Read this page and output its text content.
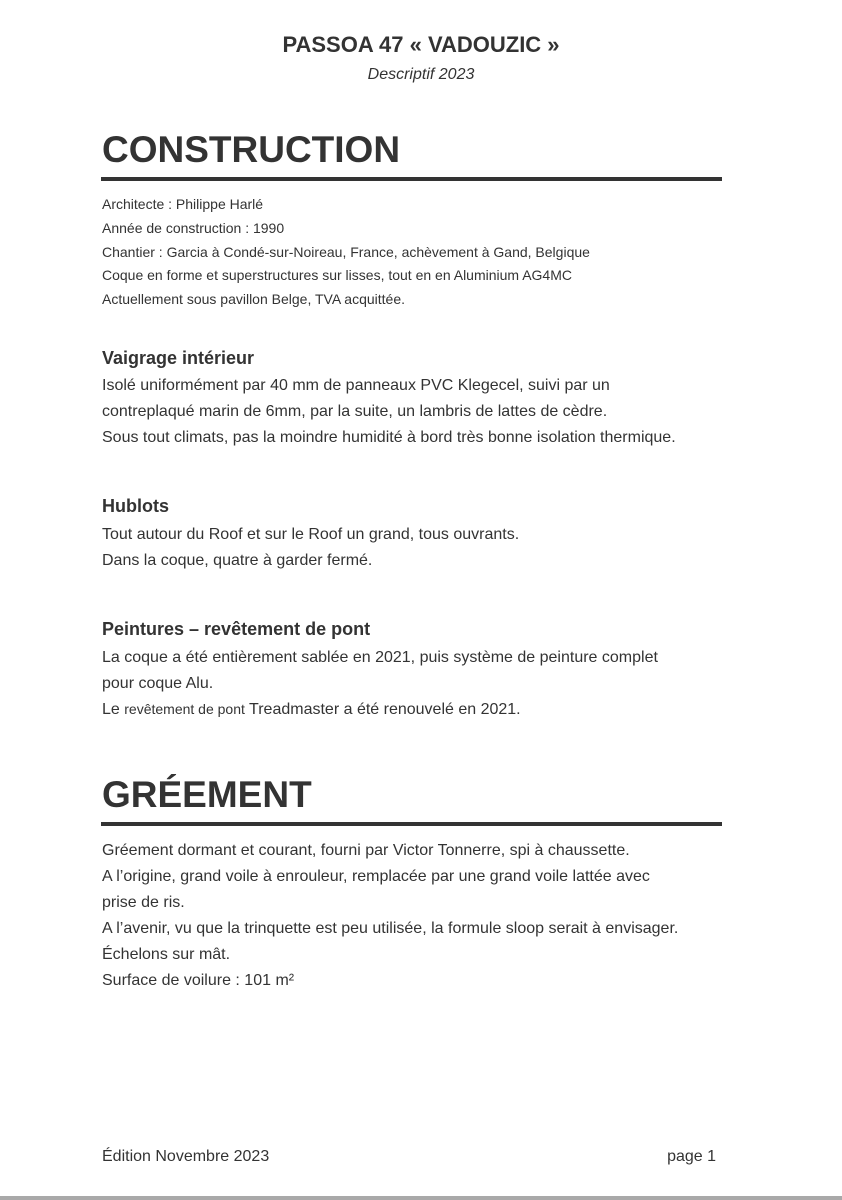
PASSOA 47 « VADOUZIC »
Descriptif 2023
CONSTRUCTION
Architecte : Philippe Harlé
Année de construction : 1990
Chantier : Garcia à Condé-sur-Noireau, France, achèvement à Gand, Belgique
Coque en forme et superstructures sur lisses, tout en en Aluminium AG4MC
Actuellement sous pavillon Belge, TVA acquittée.
Vaigrage intérieur
Isolé uniformément par 40 mm de panneaux PVC Klegecel, suivi par un
contreplaqué marin de 6mm, par la suite, un lambris de lattes de cèdre.
Sous tout climats, pas la moindre humidité à bord très bonne isolation thermique.
Hublots
Tout autour du Roof et sur le Roof un grand, tous ouvrants.
Dans la coque, quatre à garder fermé.
Peintures – revêtement de pont
La coque a été entièrement sablée en 2021, puis système de peinture complet
pour coque Alu.
Le revêtement de pont Treadmaster a été renouvelé en 2021.
GRÉEMENT
Gréement dormant et courant, fourni par Victor Tonnerre, spi à chaussette.
A l’origine, grand voile à enrouleur, remplacée par une grand voile lattée avec
prise de ris.
A l’avenir, vu que la trinquette est peu utilisée, la formule sloop serait à envisager.
Échelons sur mât.
Surface de voilure : 101 m²
Édition Novembre 2023	page 1
